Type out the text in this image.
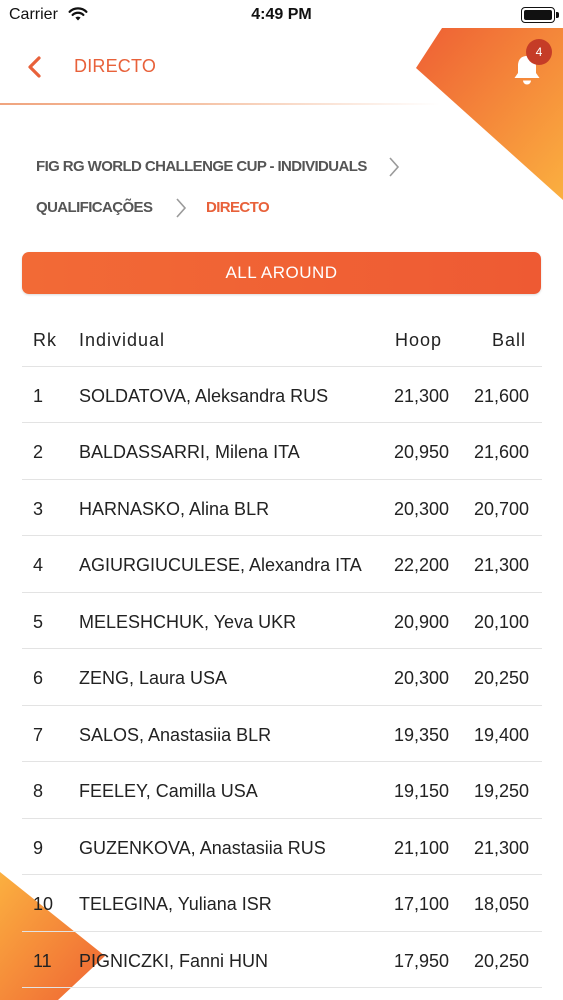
Carrier	4:49 PM
DIRECTO
4
FIG RG WORLD CHALLENGE CUP - INDIVIDUALS
QUALIFICAÇÕES	DIRECTO
ALL AROUND
Rk Individual	Hoop	Ball
1 SOLDATOVA, Aleksandra RUS	21,300 21,600
2 BALDASSARRI, Milena ITA	20,950 21,600
3 HARNASKO, Alina BLR	20,300 20,700
4 AGIURGIUCULESE, Alexandra ITA 22,200 21,300
5 MELESHCHUK, Yeva UKR	20,900 20,100
6 ZENG, Laura USA	20,300 20,250
7 SALOS, Anastasiia BLR	19,350 19,400
8 FEELEY, Camilla USA	19,150 19,250
9 GUZENKOVA, Anastasiia RUS	21,100 21,300
10 TELEGINA, Yuliana ISR	17,100 18,050
11 PIGNICZKI, Fanni HUN	17,950 20,250
